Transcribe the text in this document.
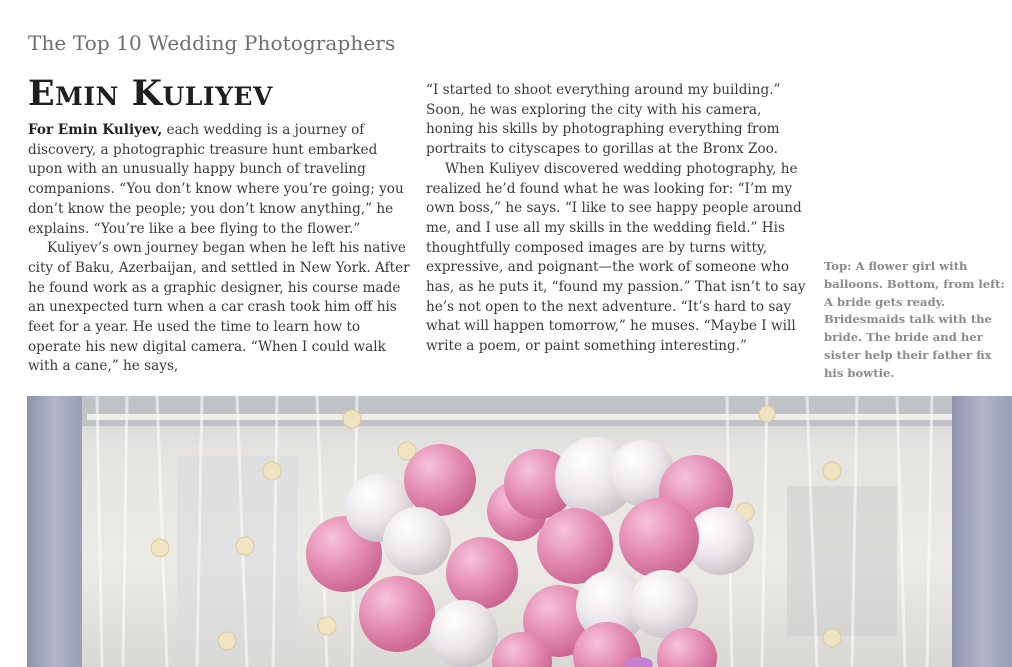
The Top 10 Wedding Photographers
Emin Kuliyev

For Emin Kuliyev, each wedding is a journey of discovery, a photographic treasure hunt embarked upon with an unusually happy bunch of traveling companions. “You don’t know where you’re going; you don’t know the people; you don’t know anything,” he explains. “You’re like a bee flying to the flower.”

Kuliyev’s own journey began when he left his native city of Baku, Azerbaijan, and settled in New York. After he found work as a graphic designer, his course made an unexpected turn when a car crash took him off his feet for a year. He used the time to learn how to operate his new digital camera. “When I could walk with a cane,” he says,

“I started to shoot everything around my building.” Soon, he was exploring the city with his camera, honing his skills by photographing everything from portraits to cityscapes to gorillas at the Bronx Zoo.

When Kuliyev discovered wedding photography, he realized he’d found what he was looking for: “I’m my own boss,” he says. “I like to see happy people around me, and I use all my skills in the wedding field.” His thoughtfully composed images are by turns witty, expressive, and poignant—the work of someone who has, as he puts it, “found my passion.” That isn’t to say he’s not open to the next adventure. “It’s hard to say what will happen tomorrow,” he muses. “Maybe I will write a poem, or paint something interesting.”

Top: A flower girl with balloons. Bottom, from left: A bride gets ready. Bridesmaids talk with the bride. The bride and her sister help their father fix his bowtie.
